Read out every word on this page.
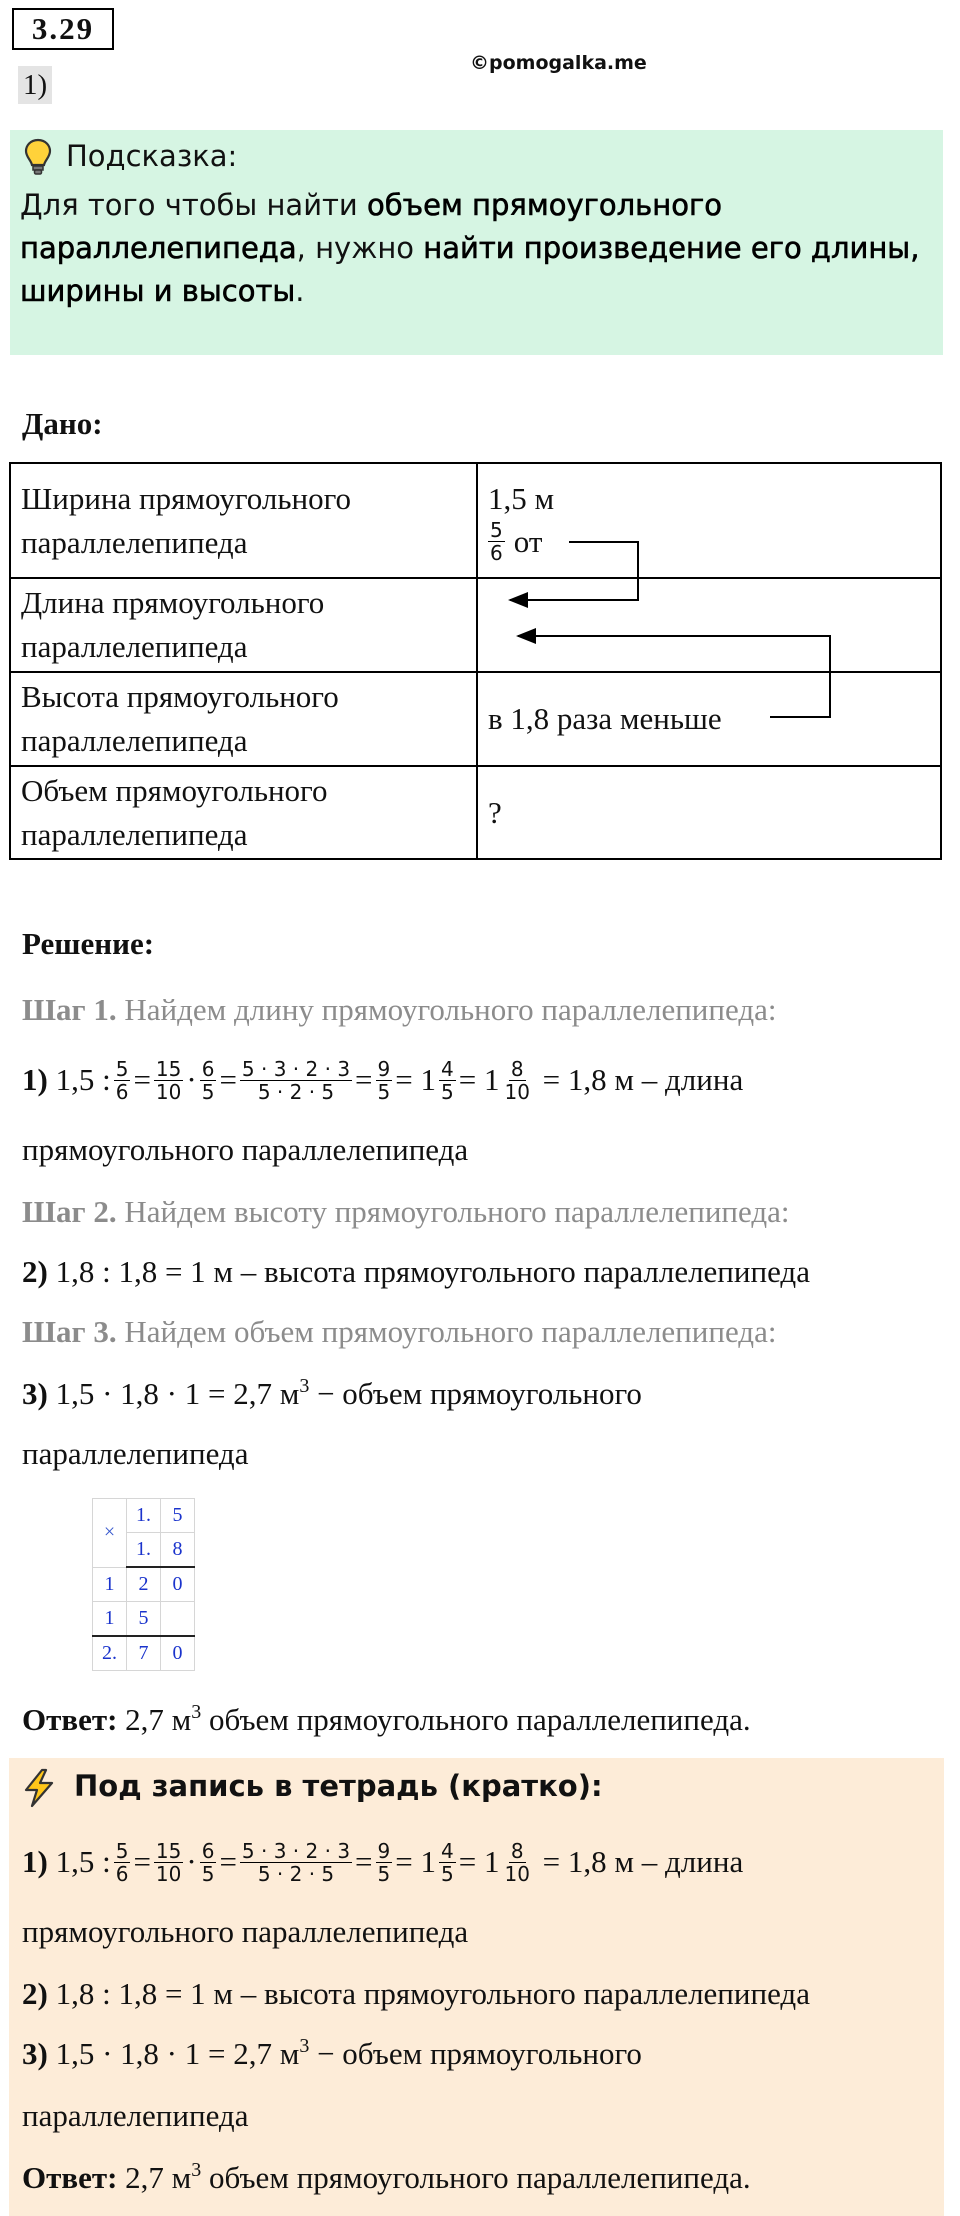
3.29
1)
©pomogalka.me
Подсказка:
Для того чтобы найти объем прямоугольного параллелепипеда, нужно найти произведение его длины, ширины и высоты.
Дано:
Ширина прямоугольного параллелепипеда	1,5 м
$\frac{5}{6}$ от

Длина прямоугольного параллелепипеда	
Высота прямоугольного параллелепипеда	в 1,8 раза меньше
Объем прямоугольного параллелепипеда	?
Решение:
Шаг 1. Найдем длину прямоугольного параллелепипеда:
1)
1,5 : $\frac{5}{6} = \frac{15}{10} \cdot \frac{6}{5} = \frac{5 \cdot 3 \cdot 2 \cdot 3}{5 \cdot 2 \cdot 5} = \frac{9}{5} = 1 \frac{4}{5} = 1 \frac{8}{10}$
= 1,8 м – длина
прямоугольного параллелепипеда
Шаг 2. Найдем высоту прямоугольного параллелепипеда:
2) 1,8 : 1,8 = 1 м – высота прямоугольного параллелепипеда
Шаг 3. Найдем объем прямоугольного параллелепипеда:
3) 1,5 · 1,8 · 1 = 2,7 $м^3$ − объем прямоугольного
параллелепипеда
×	1.	5
	1.	8
1	2	0
1	5	
2.	7	0
Ответ: 2,7 $м^3$ объем прямоугольного параллелепипеда.
Под запись в тетрадь (кратко):
1)
1,5 : $\frac{5}{6} = \frac{15}{10} \cdot \frac{6}{5} = \frac{5 \cdot 3 \cdot 2 \cdot 3}{5 \cdot 2 \cdot 5} = \frac{9}{5} = 1 \frac{4}{5} = 1 \frac{8}{10}$
= 1,8 м – длина
прямоугольного параллелепипеда
2) 1,8 : 1,8 = 1 м – высота прямоугольного параллелепипеда
3) 1,5 · 1,8 · 1 = 2,7 $м^3$ − объем прямоугольного
параллелепипеда
Ответ: 2,7 $м^3$ объем прямоугольного параллелепипеда.
